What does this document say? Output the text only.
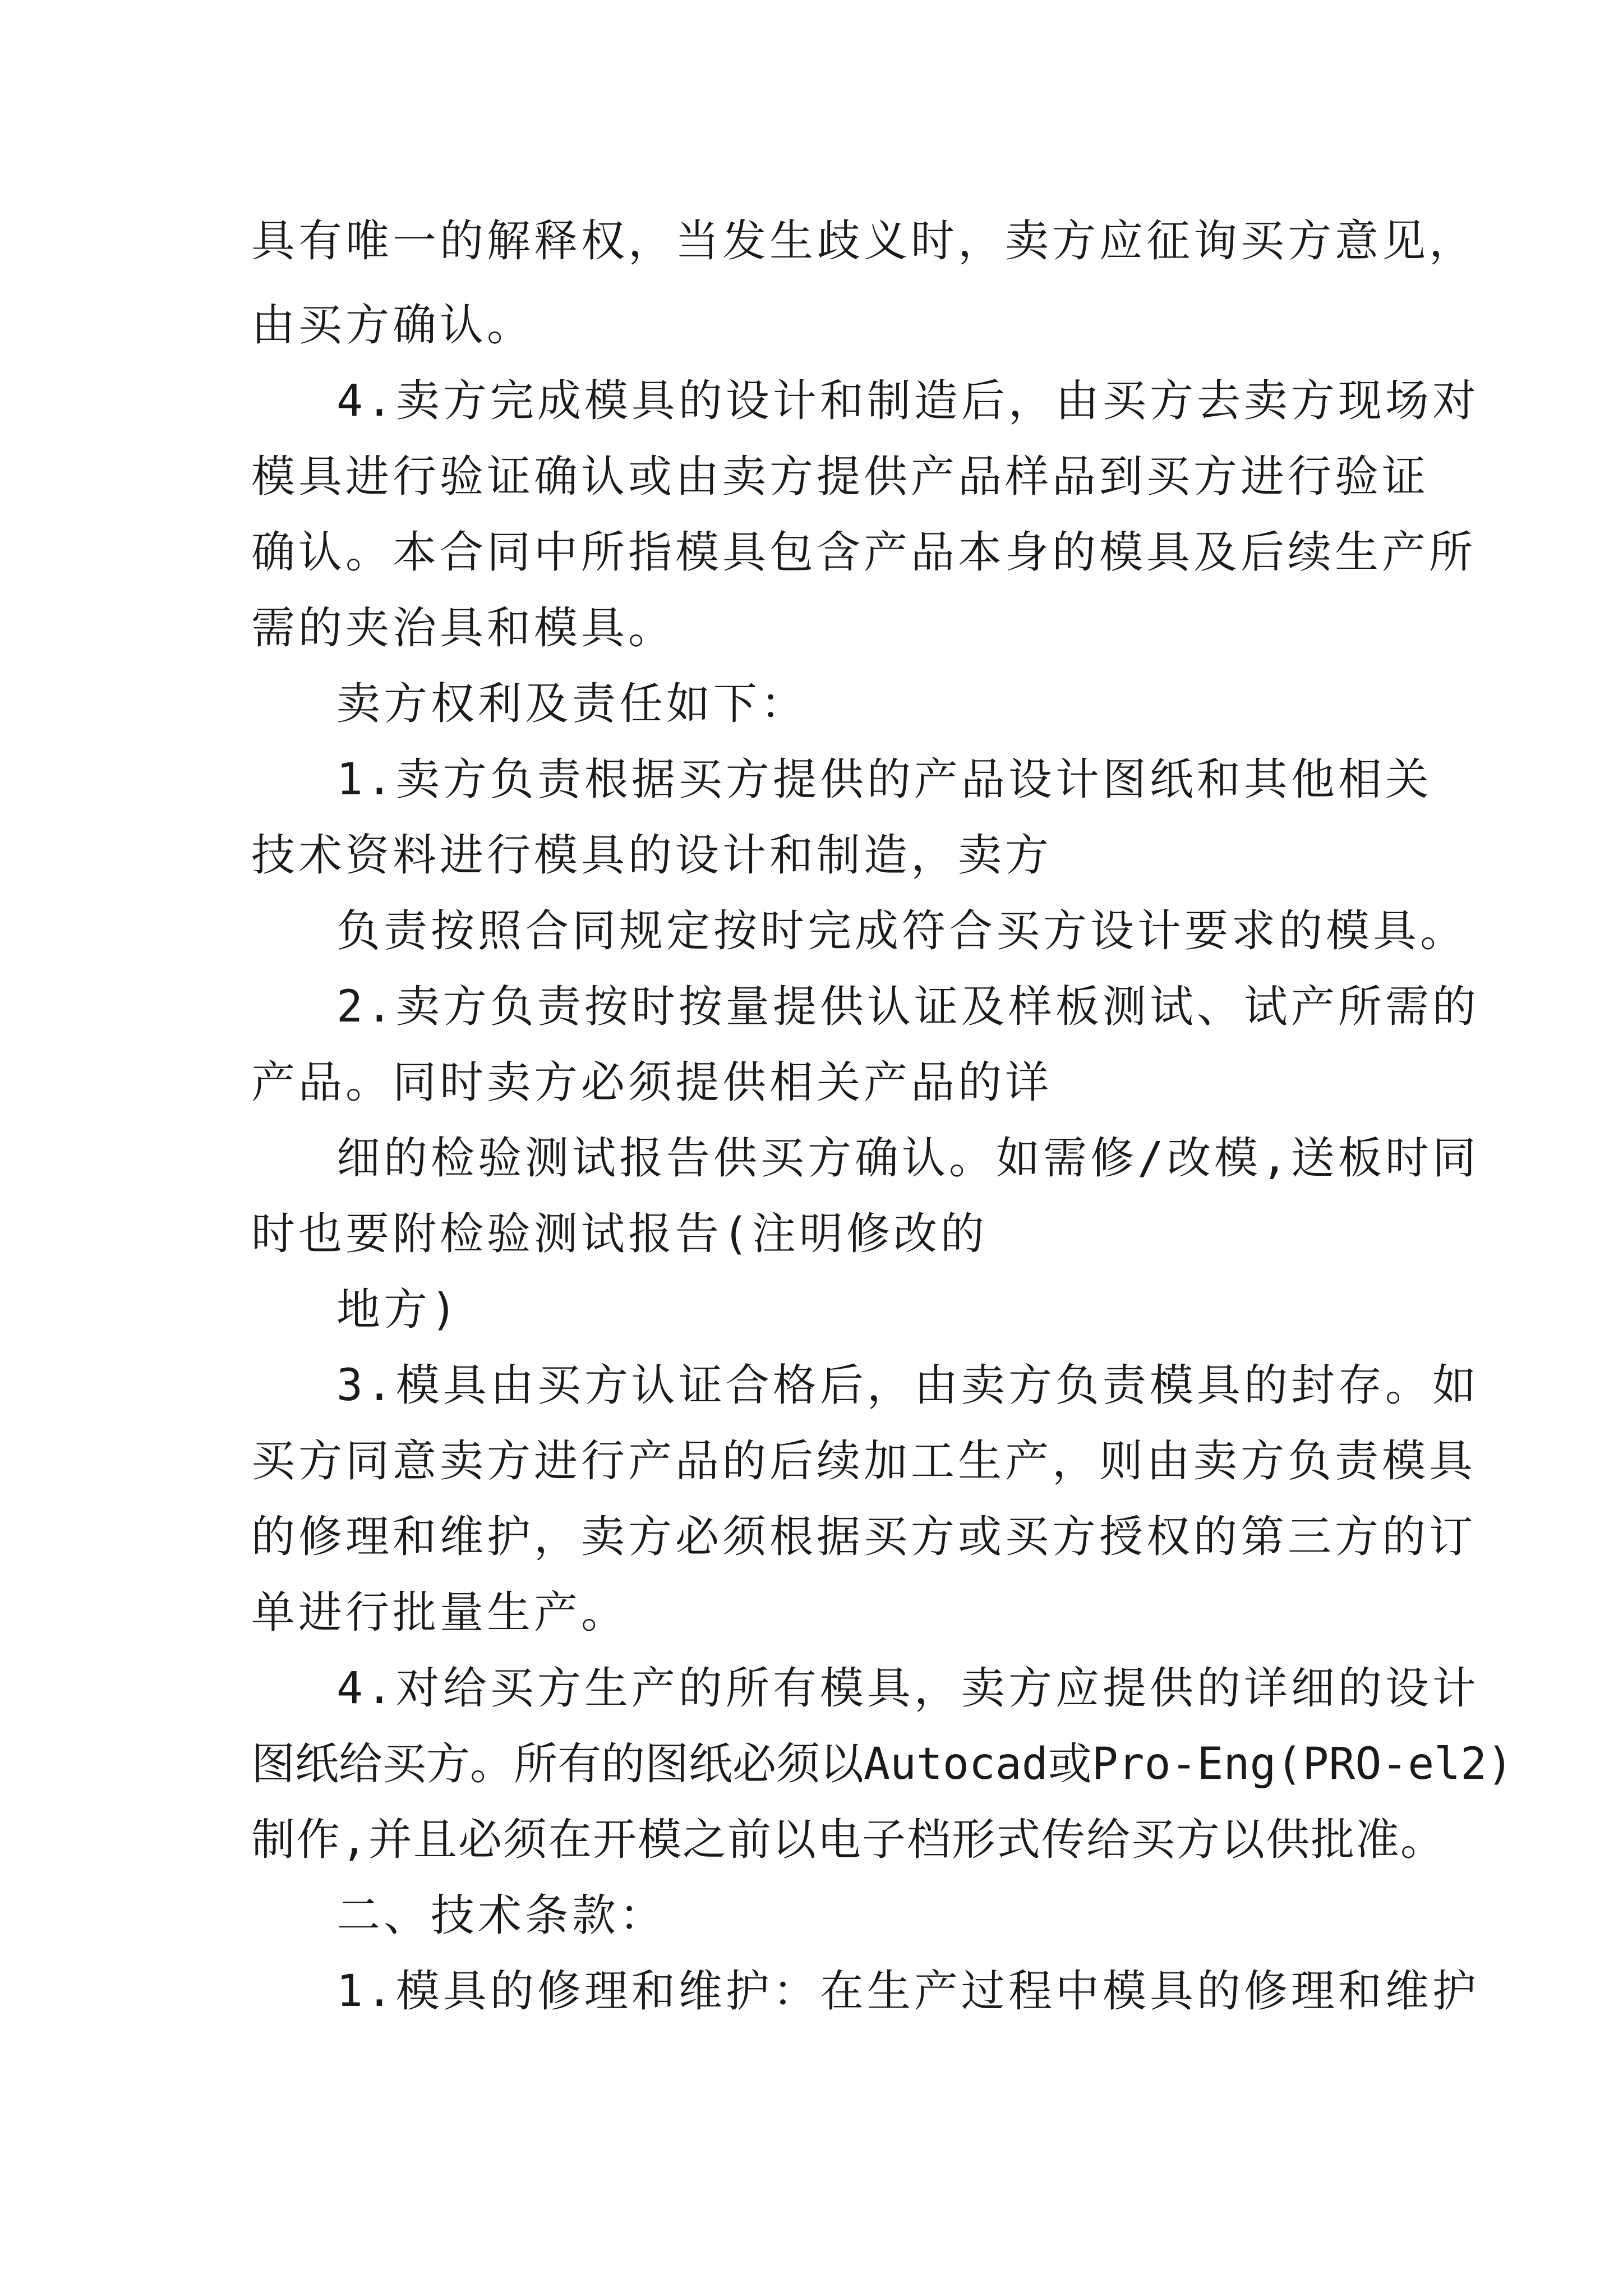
具有唯一的解释权，当发生歧义时，卖方应征询买方意见，

由买方确认。

4.卖方完成模具的设计和制造后，由买方去卖方现场对

模具进行验证确认或由卖方提供产品样品到买方进行验证

确认。本合同中所指模具包含产品本身的模具及后续生产所

需的夹治具和模具。

卖方权利及责任如下：

1.卖方负责根据买方提供的产品设计图纸和其他相关

技术资料进行模具的设计和制造，卖方

负责按照合同规定按时完成符合买方设计要求的模具。

2.卖方负责按时按量提供认证及样板测试、试产所需的

产品。同时卖方必须提供相关产品的详

细的检验测试报告供买方确认。如需修/改模,送板时同

时也要附检验测试报告(注明修改的

地方)

3.模具由买方认证合格后，由卖方负责模具的封存。如

买方同意卖方进行产品的后续加工生产，则由卖方负责模具

的修理和维护，卖方必须根据买方或买方授权的第三方的订

单进行批量生产。

4.对给买方生产的所有模具，卖方应提供的详细的设计

图纸给买方。所有的图纸必须以Autocad或Pro-Eng(PRO-el2)

制作,并且必须在开模之前以电子档形式传给买方以供批准。

二、技术条款：

1.模具的修理和维护：在生产过程中模具的修理和维护
